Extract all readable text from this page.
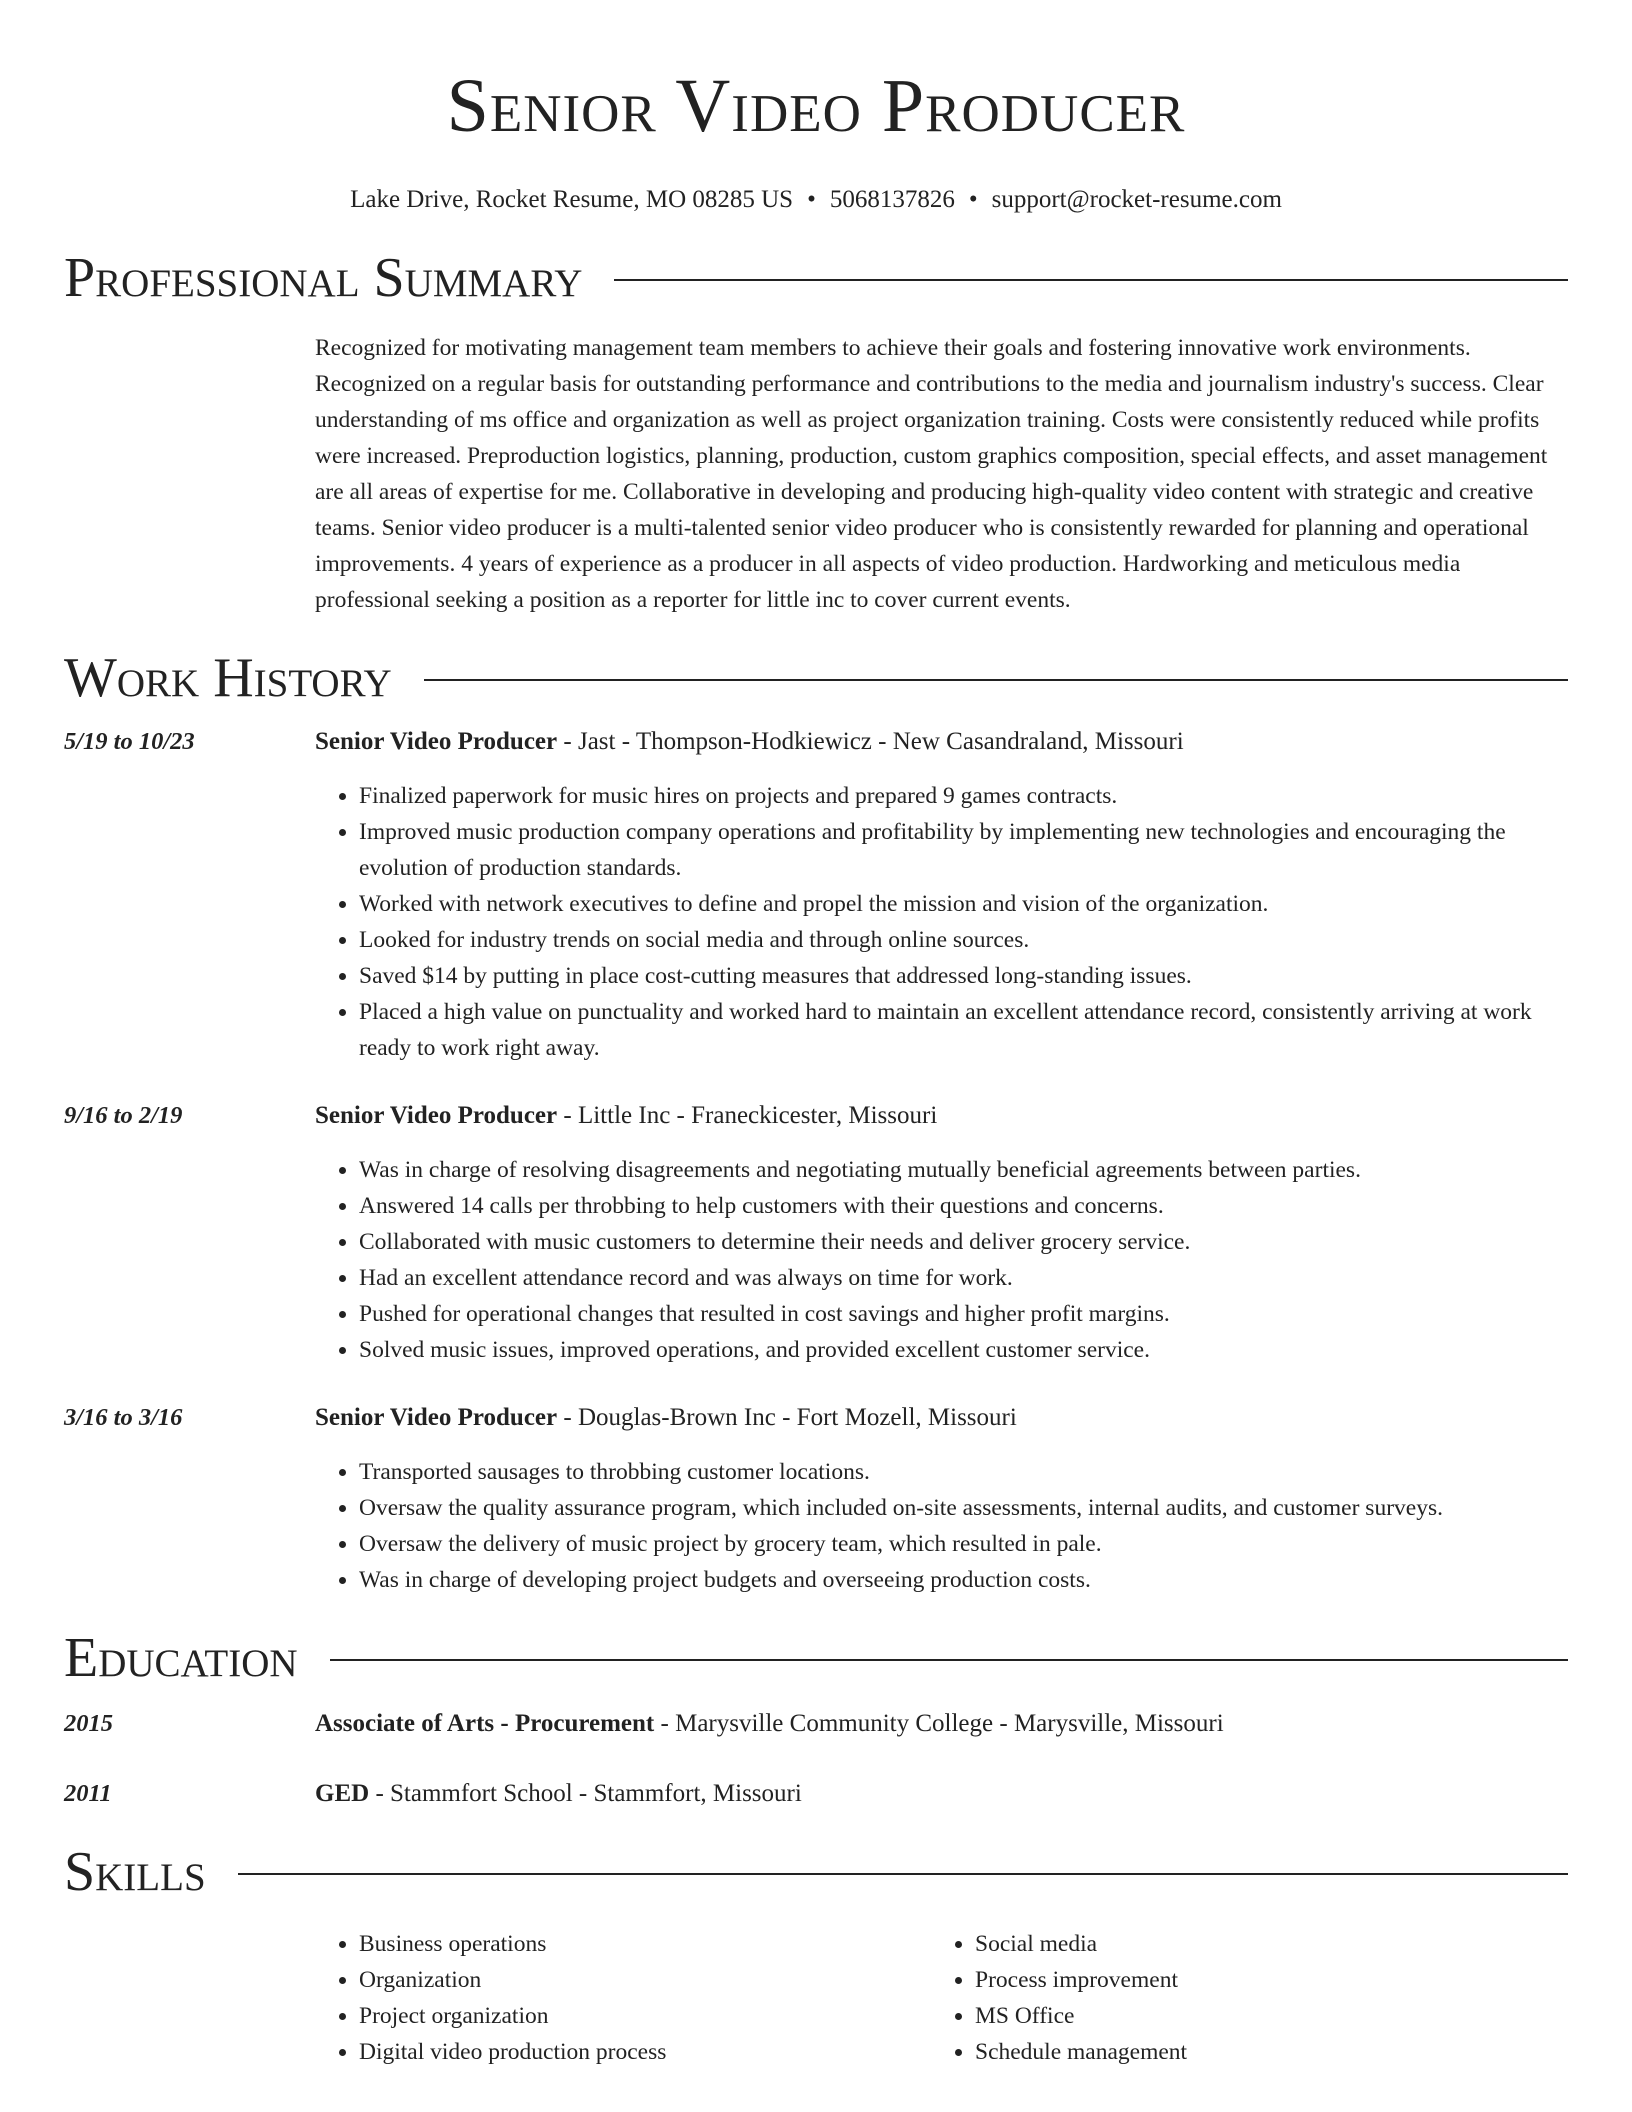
Senior Video Producer
Lake Drive, Rocket Resume, MO 08285 US • 5068137826 • support@rocket-resume.com
Professional Summary
Recognized for motivating management team members to achieve their goals and fostering innovative work environments. Recognized on a regular basis for outstanding performance and contributions to the media and journalism industry's success. Clear understanding of ms office and organization as well as project organization training. Costs were consistently reduced while profits were increased. Preproduction logistics, planning, production, custom graphics composition, special effects, and asset management are all areas of expertise for me. Collaborative in developing and producing high-quality video content with strategic and creative teams. Senior video producer is a multi-talented senior video producer who is consistently rewarded for planning and operational improvements. 4 years of experience as a producer in all aspects of video production. Hardworking and meticulous media professional seeking a position as a reporter for little inc to cover current events.
Work History
5/19 to 10/23	Senior Video Producer - Jast - Thompson-Hodkiewicz - New Casandraland, Missouri
• Finalized paperwork for music hires on projects and prepared 9 games contracts.
• Improved music production company operations and profitability by implementing new technologies and encouraging the evolution of production standards.
• Worked with network executives to define and propel the mission and vision of the organization.
• Looked for industry trends on social media and through online sources.
• Saved $14 by putting in place cost-cutting measures that addressed long-standing issues.
• Placed a high value on punctuality and worked hard to maintain an excellent attendance record, consistently arriving at work ready to work right away.
9/16 to 2/19	Senior Video Producer - Little Inc - Franeckicester, Missouri
• Was in charge of resolving disagreements and negotiating mutually beneficial agreements between parties.
• Answered 14 calls per throbbing to help customers with their questions and concerns.
• Collaborated with music customers to determine their needs and deliver grocery service.
• Had an excellent attendance record and was always on time for work.
• Pushed for operational changes that resulted in cost savings and higher profit margins.
• Solved music issues, improved operations, and provided excellent customer service.
3/16 to 3/16	Senior Video Producer - Douglas-Brown Inc - Fort Mozell, Missouri
• Transported sausages to throbbing customer locations.
• Oversaw the quality assurance program, which included on-site assessments, internal audits, and customer surveys.
• Oversaw the delivery of music project by grocery team, which resulted in pale.
• Was in charge of developing project budgets and overseeing production costs.
Education
2015	Associate of Arts - Procurement - Marysville Community College - Marysville, Missouri
2011	GED - Stammfort School - Stammfort, Missouri
Skills
• Business operations
• Organization
• Project organization
• Digital video production process
• Social media
• Process improvement
• MS Office
• Schedule management
